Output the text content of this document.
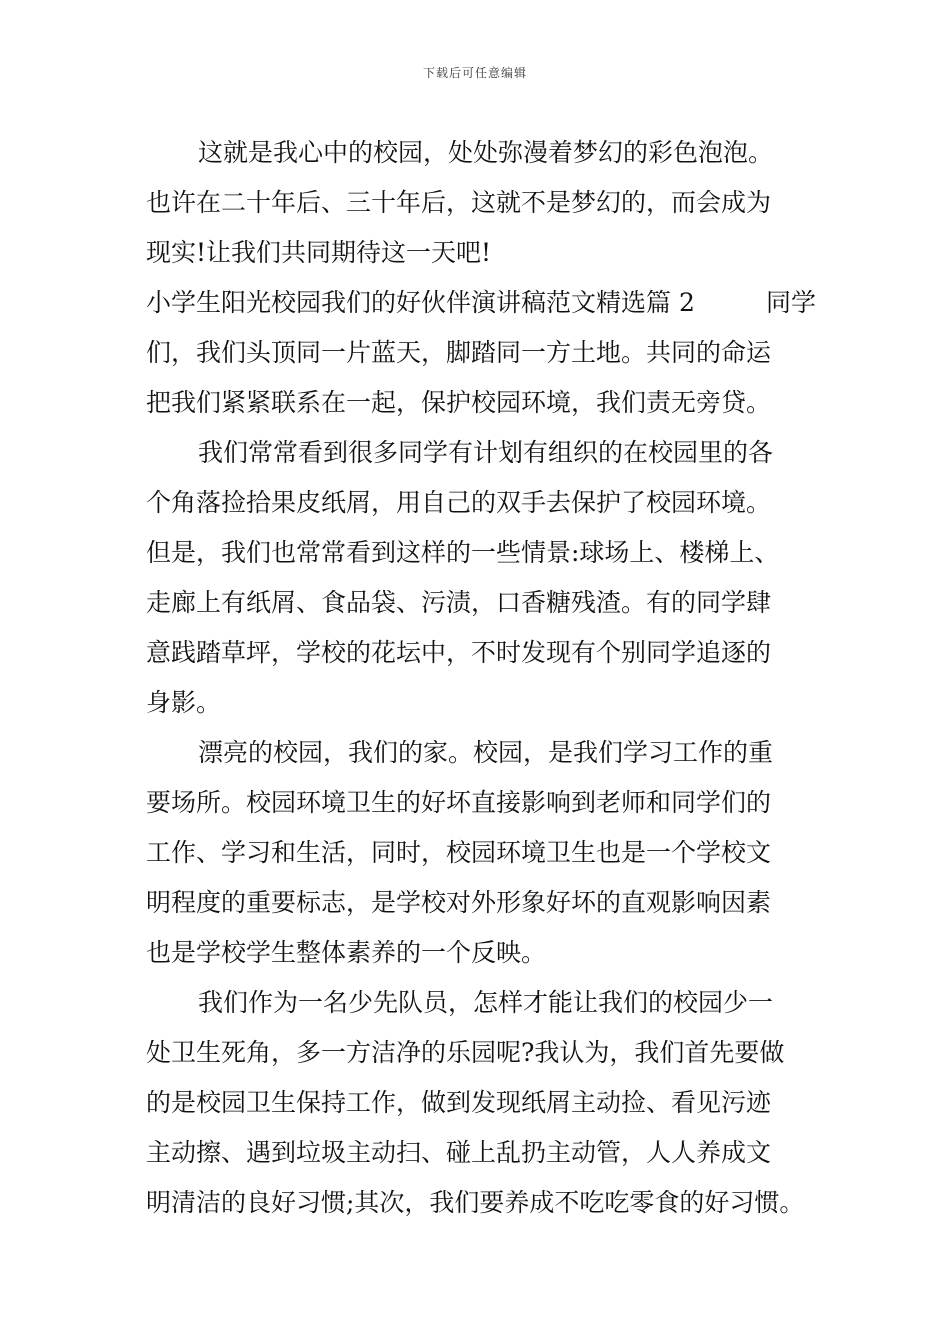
下载后可任意编辑
这就是我心中的校园，处处弥漫着梦幻的彩色泡泡。
也许在二十年后、三十年后，这就不是梦幻的，而会成为
现实!让我们共同期待这一天吧!
小学生阳光校园我们的好伙伴演讲稿范文精选篇 2	同学
们，我们头顶同一片蓝天，脚踏同一方土地。共同的命运
把我们紧紧联系在一起，保护校园环境，我们责无旁贷。
我们常常看到很多同学有计划有组织的在校园里的各
个角落捡拾果皮纸屑，用自己的双手去保护了校园环境。
但是，我们也常常看到这样的一些情景:球场上、楼梯上、
走廊上有纸屑、食品袋、污渍，口香糖残渣。有的同学肆
意践踏草坪，学校的花坛中，不时发现有个别同学追逐的
身影。
漂亮的校园，我们的家。校园，是我们学习工作的重
要场所。校园环境卫生的好坏直接影响到老师和同学们的
工作、学习和生活，同时，校园环境卫生也是一个学校文
明程度的重要标志，是学校对外形象好坏的直观影响因素
也是学校学生整体素养的一个反映。
我们作为一名少先队员，怎样才能让我们的校园少一
处卫生死角，多一方洁净的乐园呢?我认为，我们首先要做
的是校园卫生保持工作，做到发现纸屑主动捡、看见污迹
主动擦、遇到垃圾主动扫、碰上乱扔主动管，人人养成文
明清洁的良好习惯;其次，我们要养成不吃吃零食的好习惯。
